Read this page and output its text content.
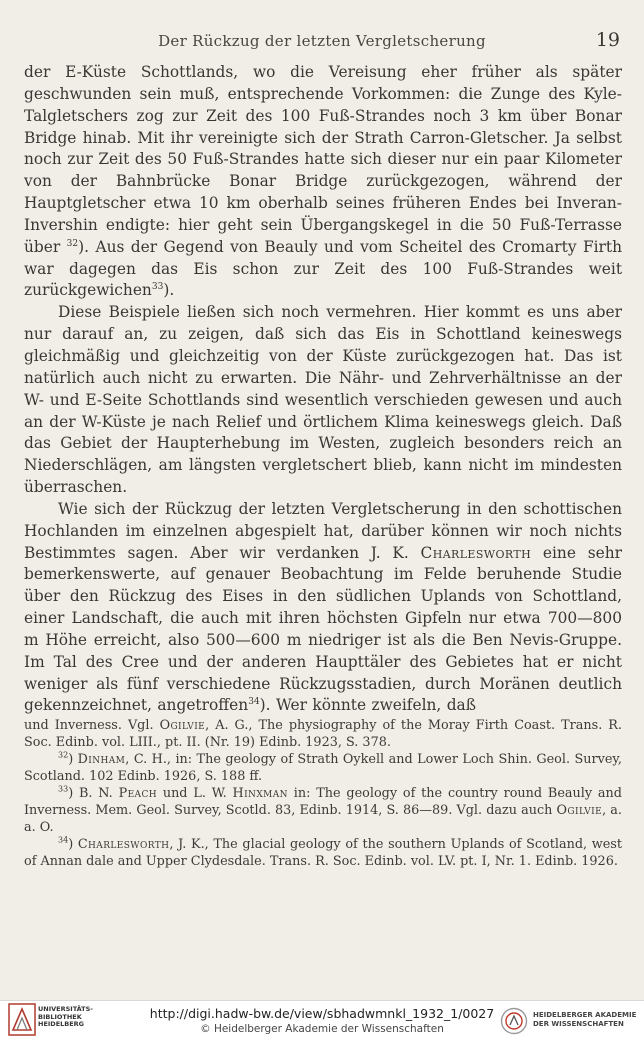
Der Rückzug der letzten Vergletscherung	19

der E-Küste Schottlands, wo die Vereisung eher früher als später geschwunden sein muß, entsprechende Vorkommen: die Zunge des Kyle-Talgletschers zog zur Zeit des 100 Fuß-Strandes noch 3 km über Bonar Bridge hinab. Mit ihr vereinigte sich der Strath Carron-Gletscher. Ja selbst noch zur Zeit des 50 Fuß-Strandes hatte sich dieser nur ein paar Kilometer von der Bahnbrücke Bonar Bridge zurückgezogen, während der Hauptgletscher etwa 10 km oberhalb seines früheren Endes bei Inveran-Invershin endigte: hier geht sein Übergangskegel in die 50 Fuß-Terrasse über $^{32}$). Aus der Gegend von Beauly und vom Scheitel des Cromarty Firth war dagegen das Eis schon zur Zeit des 100 Fuß-Strandes weit zurückgewichen$^{33}$).

Diese Beispiele ließen sich noch vermehren. Hier kommt es uns aber nur darauf an, zu zeigen, daß sich das Eis in Schottland keineswegs gleichmäßig und gleichzeitig von der Küste zurückgezogen hat. Das ist natürlich auch nicht zu erwarten. Die Nähr- und Zehrverhältnisse an der W- und E-Seite Schottlands sind wesentlich verschieden gewesen und auch an der W-Küste je nach Relief und örtlichem Klima keineswegs gleich. Daß das Gebiet der Haupterhebung im Westen, zugleich besonders reich an Niederschlägen, am längsten vergletschert blieb, kann nicht im mindesten überraschen.

Wie sich der Rückzug der letzten Vergletscherung in den schottischen Hochlanden im einzelnen abgespielt hat, darüber können wir noch nichts Bestimmtes sagen. Aber wir verdanken J. K. Charlesworth eine sehr bemerkenswerte, auf genauer Beobachtung im Felde beruhende Studie über den Rückzug des Eises in den südlichen Uplands von Schottland, einer Landschaft, die auch mit ihren höchsten Gipfeln nur etwa 700—800 m Höhe erreicht, also 500—600 m niedriger ist als die Ben Nevis-Gruppe. Im Tal des Cree und der anderen Haupttäler des Gebietes hat er nicht weniger als fünf verschiedene Rückzugsstadien, durch Moränen deutlich gekennzeichnet, angetroffen$^{34}$). Wer könnte zweifeln, daß

und Inverness. Vgl. Ogilvie, A. G., The physiography of the Moray Firth Coast. Trans. R. Soc. Edinb. vol. LIII., pt. II. (Nr. 19) Edinb. 1923, S. 378.

$^{32}$) Dinham, C. H., in: The geology of Strath Oykell and Lower Loch Shin. Geol. Survey, Scotland. 102 Edinb. 1926, S. 188 ff.

$^{33}$) B. N. Peach und L. W. Hinxman in: The geology of the country round Beauly and Inverness. Mem. Geol. Survey, Scotld. 83, Edinb. 1914, S. 86—89. Vgl. dazu auch Ogilvie, a. a. O.

$^{34}$) Charlesworth, J. K., The glacial geology of the southern Uplands of Scotland, west of Annan dale and Upper Clydesdale. Trans. R. Soc. Edinb. vol. LV. pt. I, Nr. 1. Edinb. 1926.

UNIVERSITÄTS-
BIBLIOTHEK
HEIDELBERG
http://digi.hadw-bw.de/view/sbhadwmnkl_1932_1/0027
© Heidelberger Akademie der Wissenschaften
HEIDELBERGER AKADEMIE
DER WISSENSCHAFTEN
